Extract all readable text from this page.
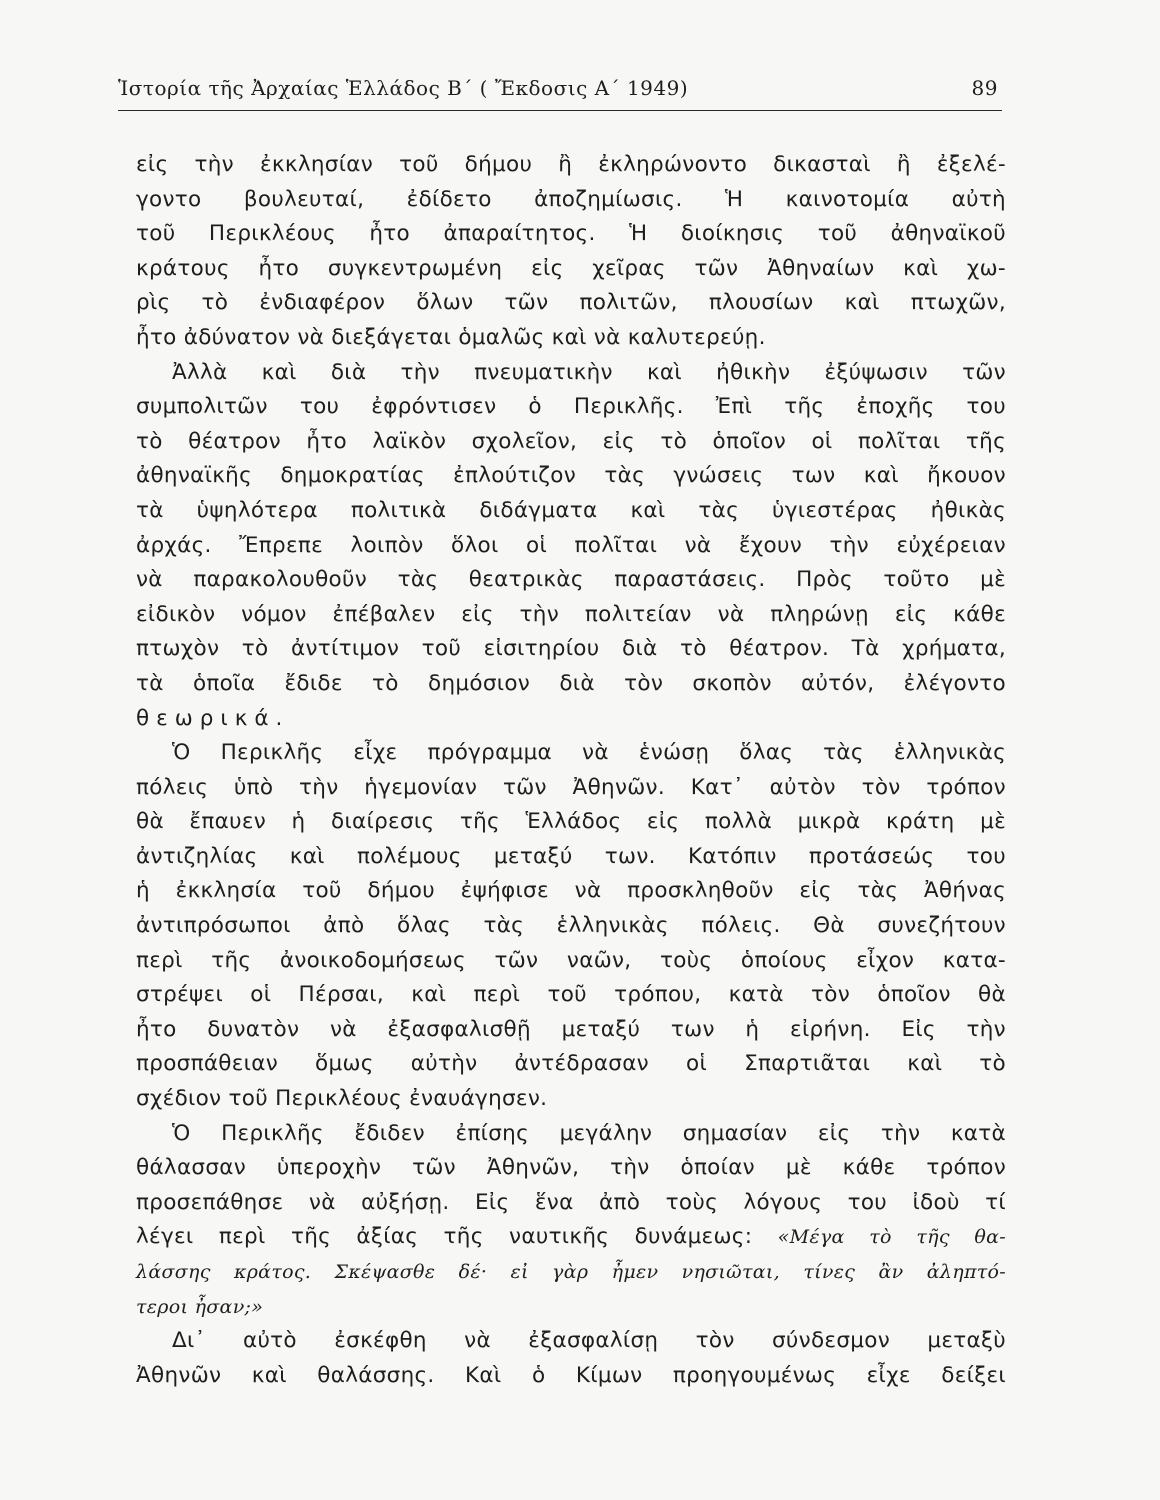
Ἱστορία τῆς Ἀρχαίας Ἑλλάδος Β΄ ( Ἔκδοσις Α΄ 1949)	89
εἰς τὴν ἐκκλησίαν τοῦ δήμου ἢ ἐκληρώνοντο δικασταὶ ἢ ἐξελέ-
γοντο βουλευταί, ἐδίδετο ἀποζημίωσις. Ἡ καινοτομία αὐτὴ
τοῦ Περικλέους ἦτο ἀπαραίτητος. Ἡ διοίκησις τοῦ ἀθηναϊκοῦ
κράτους ἦτο συγκεντρωμένη εἰς χεῖρας τῶν Ἀθηναίων καὶ χω-
ρὶς τὸ ἐνδιαφέρον ὅλων τῶν πολιτῶν, πλουσίων καὶ πτωχῶν,
ἦτο ἀδύνατον νὰ διεξάγεται ὁμαλῶς καὶ νὰ καλυτερεύῃ.
Ἀλλὰ καὶ διὰ τὴν πνευματικὴν καὶ ἠθικὴν ἐξύψωσιν τῶν
συμπολιτῶν του ἐφρόντισεν ὁ Περικλῆς. Ἐπὶ τῆς ἐποχῆς του
τὸ θέατρον ἦτο λαϊκὸν σχολεῖον, εἰς τὸ ὁποῖον οἱ πολῖται τῆς
ἀθηναϊκῆς δημοκρατίας ἐπλούτιζον τὰς γνώσεις των καὶ ἤκουον
τὰ ὑψηλότερα πολιτικὰ διδάγματα καὶ τὰς ὑγιεστέρας ἠθικὰς
ἀρχάς. Ἔπρεπε λοιπὸν ὅλοι οἱ πολῖται νὰ ἔχουν τὴν εὐχέρειαν
νὰ παρακολουθοῦν τὰς θεατρικὰς παραστάσεις. Πρὸς τοῦτο μὲ
εἰδικὸν νόμον ἐπέβαλεν εἰς τὴν πολιτείαν νὰ πληρώνῃ εἰς κάθε
πτωχὸν τὸ ἀντίτιμον τοῦ εἰσιτηρίου διὰ τὸ θέατρον. Τὰ χρήματα,
τὰ ὁποῖα ἔδιδε τὸ δημόσιον διὰ τὸν σκοπὸν αὐτόν, ἐλέγοντο
θεωρικά.
Ὁ Περικλῆς εἶχε πρόγραμμα νὰ ἑνώσῃ ὅλας τὰς ἑλληνικὰς
πόλεις ὑπὸ τὴν ἡγεμονίαν τῶν Ἀθηνῶν. Κατ᾿ αὐτὸν τὸν τρόπον
θὰ ἔπαυεν ἡ διαίρεσις τῆς Ἑλλάδος εἰς πολλὰ μικρὰ κράτη μὲ
ἀντιζηλίας καὶ πολέμους μεταξύ των. Κατόπιν προτάσεώς του
ἡ ἐκκλησία τοῦ δήμου ἐψήφισε νὰ προσκληθοῦν εἰς τὰς Ἀθήνας
ἀντιπρόσωποι ἀπὸ ὅλας τὰς ἑλληνικὰς πόλεις. Θὰ συνεζήτουν
περὶ τῆς ἀνοικοδομήσεως τῶν ναῶν, τοὺς ὁποίους εἶχον κατα-
στρέψει οἱ Πέρσαι, καὶ περὶ τοῦ τρόπου, κατὰ τὸν ὁποῖον θὰ
ἦτο δυνατὸν νὰ ἐξασφαλισθῇ μεταξύ των ἡ εἰρήνη. Εἰς τὴν
προσπάθειαν ὅμως αὐτὴν ἀντέδρασαν οἱ Σπαρτιᾶται καὶ τὸ
σχέδιον τοῦ Περικλέους ἐναυάγησεν.
Ὁ Περικλῆς ἔδιδεν ἐπίσης μεγάλην σημασίαν εἰς τὴν κατὰ
θάλασσαν ὑπεροχὴν τῶν Ἀθηνῶν, τὴν ὁποίαν μὲ κάθε τρόπον
προσεπάθησε νὰ αὐξήσῃ. Εἰς ἕνα ἀπὸ τοὺς λόγους του ἰδοὺ τί
λέγει περὶ τῆς ἀξίας τῆς ναυτικῆς δυνάμεως: «Μέγα τὸ τῆς θα-
λάσσης κράτος. Σκέψασθε δέ· εἰ γὰρ ἦμεν νησιῶται, τίνες ἂν ἀληπτό-
τεροι ἦσαν;»
Δι᾿ αὐτὸ ἐσκέφθη νὰ ἐξασφαλίσῃ τὸν σύνδεσμον μεταξὺ
Ἀθηνῶν καὶ θαλάσσης. Καὶ ὁ Κίμων προηγουμένως εἶχε δείξει
